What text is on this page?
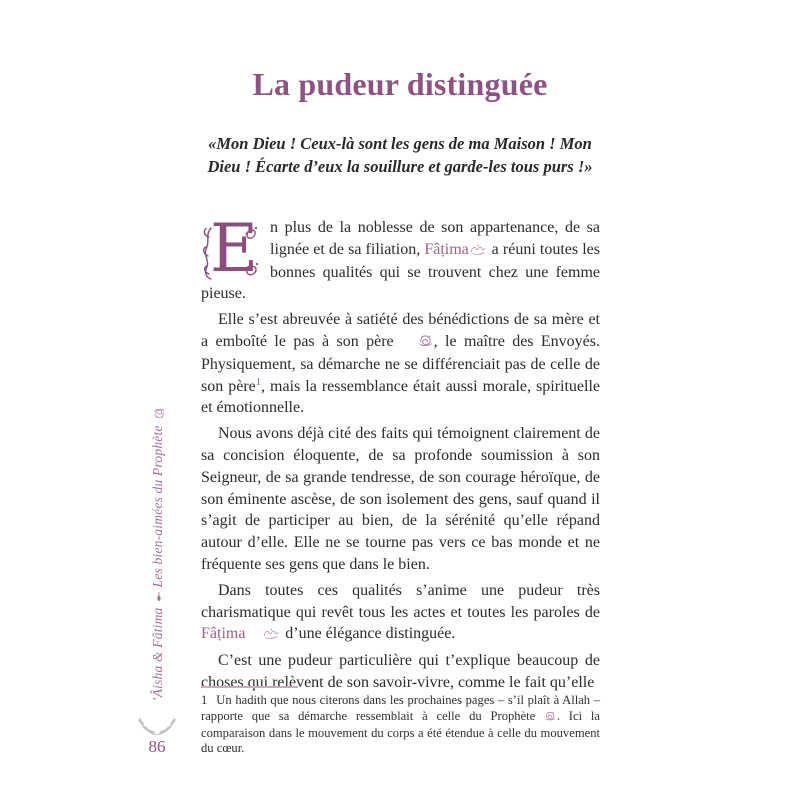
La pudeur distinguée
«Mon Dieu ! Ceux-là sont les gens de ma Maison ! Mon Dieu ! Écarte d’eux la souillure et garde-les tous purs !»

E n plus de la noblesse de son appartenance, de sa lignée et de sa filiation, Fâṭima a réuni toutes les bonnes qualités qui se trouvent chez une femme pieuse.

Elle s’est abreuvée à satiété des bénédictions de sa mère et a emboîté le pas à son père , le maître des Envoyés. Physiquement, sa démarche ne se différenciait pas de celle de son père$^1$, mais la ressemblance était aussi morale, spirituelle et émotionnelle.

Nous avons déjà cité des faits qui témoignent clairement de sa concision éloquente, de sa profonde soumission à son Seigneur, de sa grande tendresse, de son courage héroïque, de son éminente ascèse, de son isolement des gens, sauf quand il s’agit de participer au bien, de la sérénité qu’elle répand autour d’elle. Elle ne se tourne pas vers ce bas monde et ne fréquente ses gens que dans le bien.

Dans toutes ces qualités s’anime une pudeur très charismatique qui revêt tous les actes et toutes les paroles de Fâṭima d’une élégance distinguée.

C’est une pudeur particulière qui t’explique beaucoup de choses qui relèvent de son savoir-vivre, comme le fait qu’elle

1 Un hadith que nous citerons dans les prochaines pages – s’il plaît à Allah – rapporte que sa démarche ressemblait à celle du Prophète . Ici la comparaison dans le mouvement du corps a été étendue à celle du mouvement du cœur.
’Âisha & FâtimaLes bien-aimées du Prophète
86
